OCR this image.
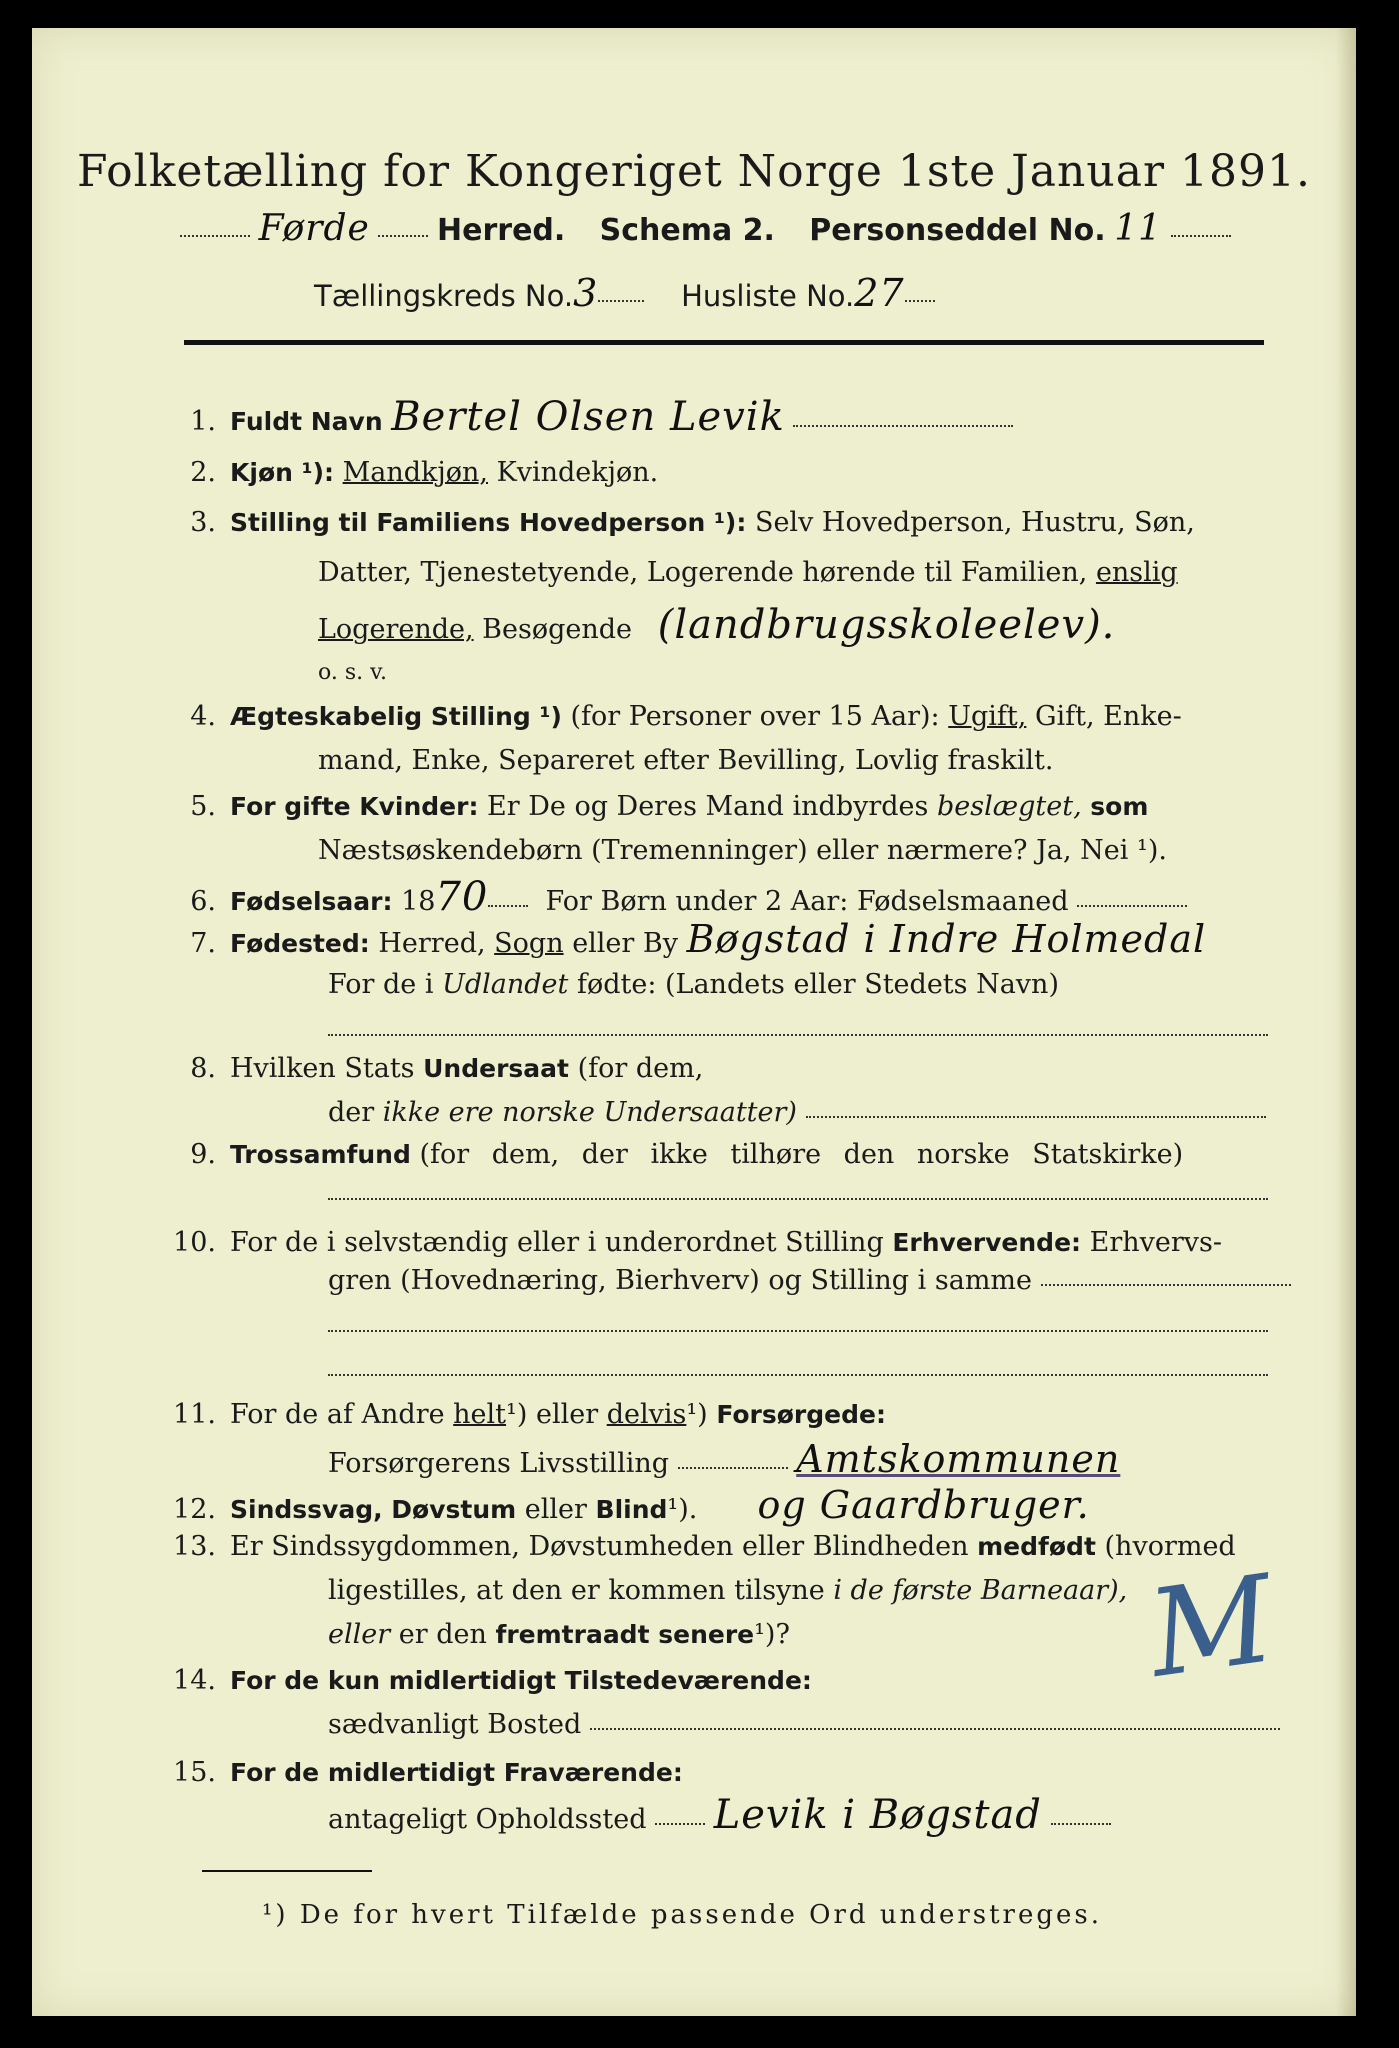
Folketælling for Kongeriget Norge 1ste Januar 1891.
Førde Herred. Schema 2. Personseddel No. 11
Tællingskreds No.3	Husliste No.27
1. Fuldt Navn Bertel Olsen Levik
2. Kjøn ¹): Mandkjøn, Kvindekjøn.
3. Stilling til Familiens Hovedperson ¹): Selv Hovedperson, Hustru, Søn,
Datter, Tjenestetyende, Logerende hørende til Familien, enslig
Logerende, Besøgende (landbrugsskoleelev).
o. s. v.
4. Ægteskabelig Stilling ¹) (for Personer over 15 Aar): Ugift, Gift, Enke-
mand, Enke, Separeret efter Bevilling, Lovlig fraskilt.
5. For gifte Kvinder: Er De og Deres Mand indbyrdes beslægtet, som
Næstsøskendebørn (Tremenninger) eller nærmere? Ja, Nei ¹).
6. Fødselsaar: 1870 For Børn under 2 Aar: Fødselsmaaned
7. Fødested: Herred, Sogn eller By Bøgstad i Indre Holmedal
For de i Udlandet fødte: (Landets eller Stedets Navn)
8. Hvilken Stats Undersaat (for dem,
der ikke ere norske Undersaatter)
9. Trossamfund (for dem, der ikke tilhøre den norske Statskirke)
10. For de i selvstændig eller i underordnet Stilling Erhvervende: Erhvervs-
gren (Hovednæring, Bierhverv) og Stilling i samme
11. For de af Andre helt¹) eller delvis¹) Forsørgede:
Forsørgerens Livsstilling	Amtskommunen
12. Sindssvag, Døvstum eller Blind¹). og Gaardbruger.
13. Er Sindssygdommen, Døvstumheden eller Blindheden medfødt (hvormed
ligestilles, at den er kommen tilsyne i de første Barneaar),
eller er den fremtraadt senere¹)?
14. For de kun midlertidigt Tilstedeværende:
sædvanligt Bosted
15. For de midlertidigt Fraværende:
antageligt Opholdssted Levik i Bøgstad
M
¹) De for hvert Tilfælde passende Ord understreges.
